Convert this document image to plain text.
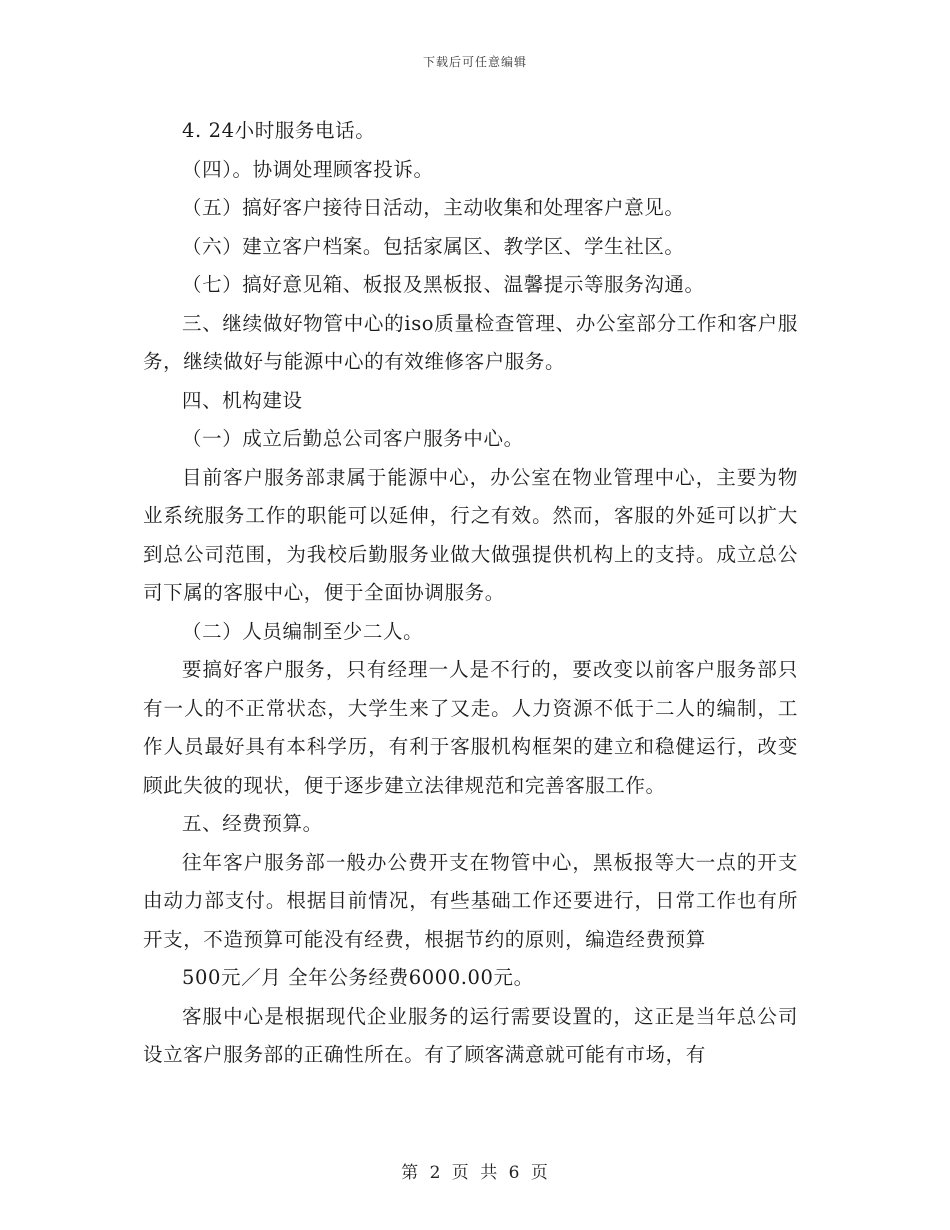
下载后可任意编辑

4. 24小时服务电话。

（四）。协调处理顾客投诉。

（五）搞好客户接待日活动，主动收集和处理客户意见。

（六）建立客户档案。包括家属区、教学区、学生社区。

（七）搞好意见箱、板报及黑板报、温馨提示等服务沟通。

三、继续做好物管中心的iso质量检查管理、办公室部分工作和客户服务，继续做好与能源中心的有效维修客户服务。

四、机构建设

（一）成立后勤总公司客户服务中心。

目前客户服务部隶属于能源中心，办公室在物业管理中心，主要为物业系统服务工作的职能可以延伸，行之有效。然而，客服的外延可以扩大到总公司范围，为我校后勤服务业做大做强提供机构上的支持。成立总公司下属的客服中心，便于全面协调服务。

（二）人员编制至少二人。

要搞好客户服务，只有经理一人是不行的，要改变以前客户服务部只有一人的不正常状态，大学生来了又走。人力资源不低于二人的编制，工作人员最好具有本科学历，有利于客服机构框架的建立和稳健运行，改变顾此失彼的现状，便于逐步建立法律规范和完善客服工作。

五、经费预算。

往年客户服务部一般办公费开支在物管中心，黑板报等大一点的开支由动力部支付。根据目前情况，有些基础工作还要进行，日常工作也有所开支，不造预算可能没有经费，根据节约的原则，编造经费预算

500元／月 全年公务经费6000.00元。

客服中心是根据现代企业服务的运行需要设置的，这正是当年总公司设立客户服务部的正确性所在。有了顾客满意就可能有市场，有

第 2 页 共 6 页
